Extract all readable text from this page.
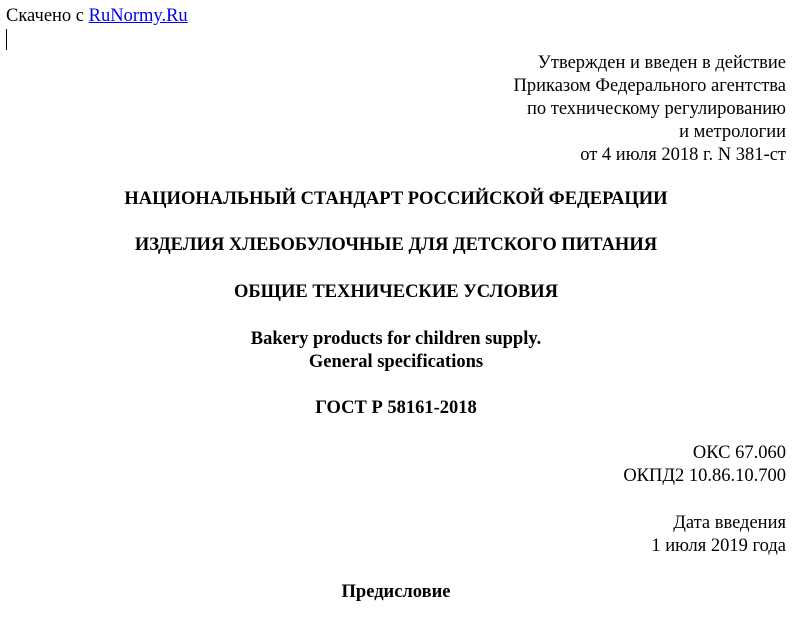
Скачено с RuNormy.Ru
Утвержден и введен в действие
Приказом Федерального агентства
по техническому регулированию
и метрологии
от 4 июля 2018 г. N 381-ст
НАЦИОНАЛЬНЫЙ СТАНДАРТ РОССИЙСКОЙ ФЕДЕРАЦИИ
ИЗДЕЛИЯ ХЛЕБОБУЛОЧНЫЕ ДЛЯ ДЕТСКОГО ПИТАНИЯ
ОБЩИЕ ТЕХНИЧЕСКИЕ УСЛОВИЯ
Bakery products for children supply.
General specifications
ГОСТ Р 58161-2018
ОКС 67.060
ОКПД2 10.86.10.700
Дата введения
1 июля 2019 года
Предисловие
